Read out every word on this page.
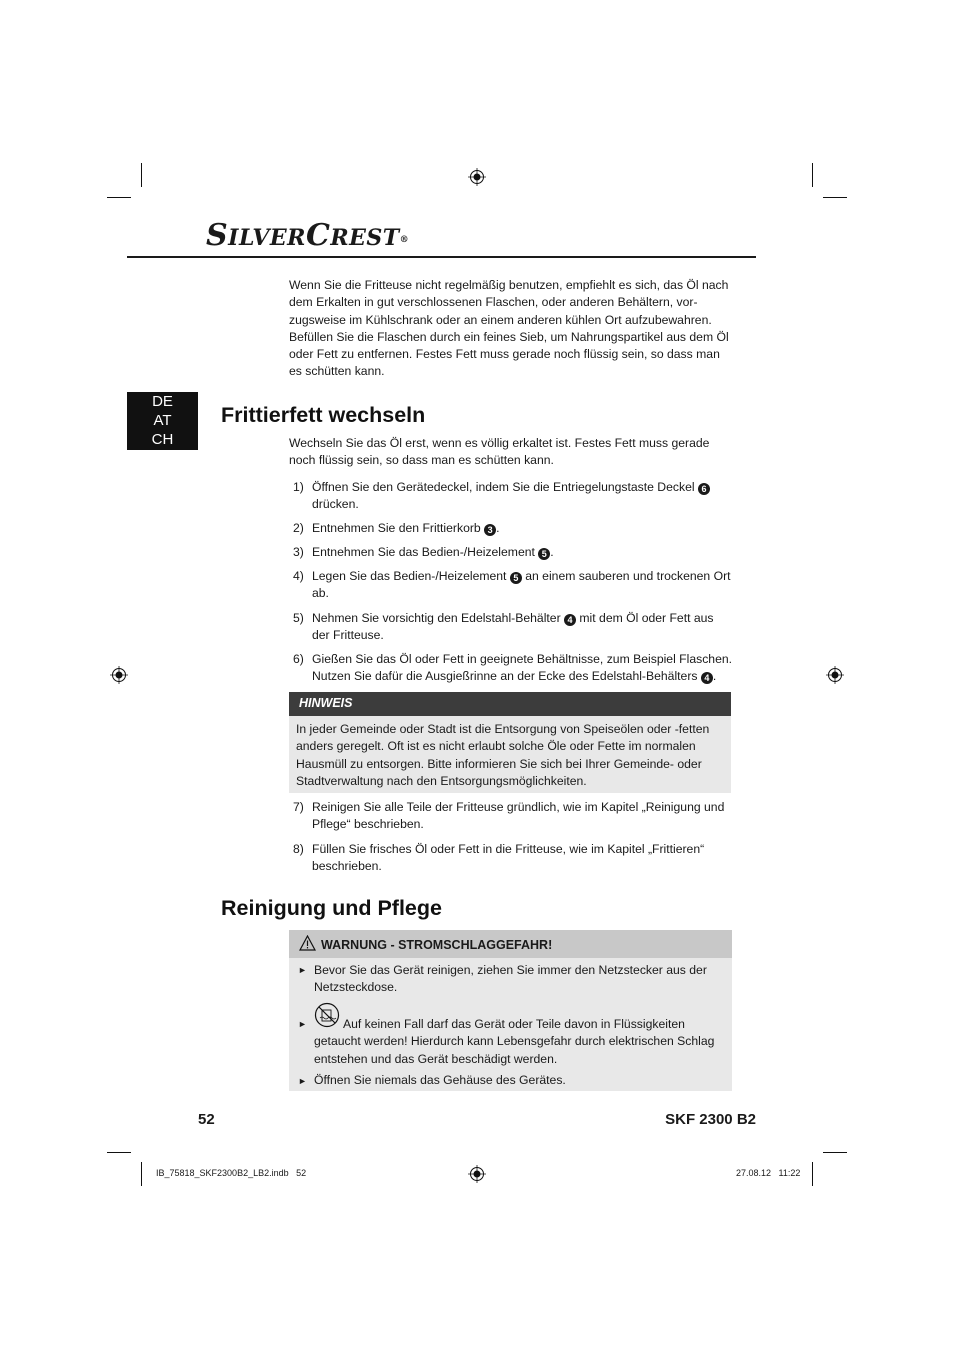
SILVERCREST®
Wenn Sie die Fritteuse nicht regelmäßig benutzen, empfiehlt es sich, das Öl nach dem Erkalten in gut verschlossenen Flaschen, oder anderen Behältern, vor-zugsweise im Kühlschrank oder an einem anderen kühlen Ort aufzubewahren. Befüllen Sie die Flaschen durch ein feines Sieb, um Nahrungspartikel aus dem Öl oder Fett zu entfernen. Festes Fett muss gerade noch flüssig sein, so dass man es schütten kann.
DE
AT
CH
Frittierfett wechseln
Wechseln Sie das Öl erst, wenn es völlig erkaltet ist. Festes Fett muss gerade noch flüssig sein, so dass man es schütten kann.
1) Öffnen Sie den Gerätedeckel, indem Sie die Entriegelungstaste Deckel 6
drücken.
2) Entnehmen Sie den Frittierkorb 3 .
3) Entnehmen Sie das Bedien-/Heizelement 5 .
4) Legen Sie das Bedien-/Heizelement 5 an einem sauberen und trockenen Ort ab.
5) Nehmen Sie vorsichtig den Edelstahl-Behälter 4 mit dem Öl oder Fett aus der Fritteuse.
6) Gießen Sie das Öl oder Fett in geeignete Behältnisse, zum Beispiel Flaschen. Nutzen Sie dafür die Ausgießrinne an der Ecke des Edelstahl-Behälters 4 .
HINWEIS
In jeder Gemeinde oder Stadt ist die Entsorgung von Speiseölen oder -fetten anders geregelt. Oft ist es nicht erlaubt solche Öle oder Fette im normalen Hausmüll zu entsorgen. Bitte informieren Sie sich bei Ihrer Gemeinde- oder Stadtverwaltung nach den Entsorgungsmöglichkeiten.
7) Reinigen Sie alle Teile der Fritteuse gründlich, wie im Kapitel „Reinigung und Pflege“ beschrieben.
8) Füllen Sie frisches Öl oder Fett in die Fritteuse, wie im Kapitel „Frittieren“ beschrieben.
Reinigung und Pflege
WARNUNG - STROMSCHLAGGEFAHR!
► Bevor Sie das Gerät reinigen, ziehen Sie immer den Netzstecker aus der Netzsteckdose.
►	Auf keinen Fall darf das Gerät oder Teile davon in Flüssigkeiten getaucht werden! Hierdurch kann Lebensgefahr durch elektrischen Schlag entstehen und das Gerät beschädigt werden.
► Öffnen Sie niemals das Gehäuse des Gerätes.
52	SKF 2300 B2
IB_75818_SKF2300B2_LB2.indb   52	27.08.12   11:22
